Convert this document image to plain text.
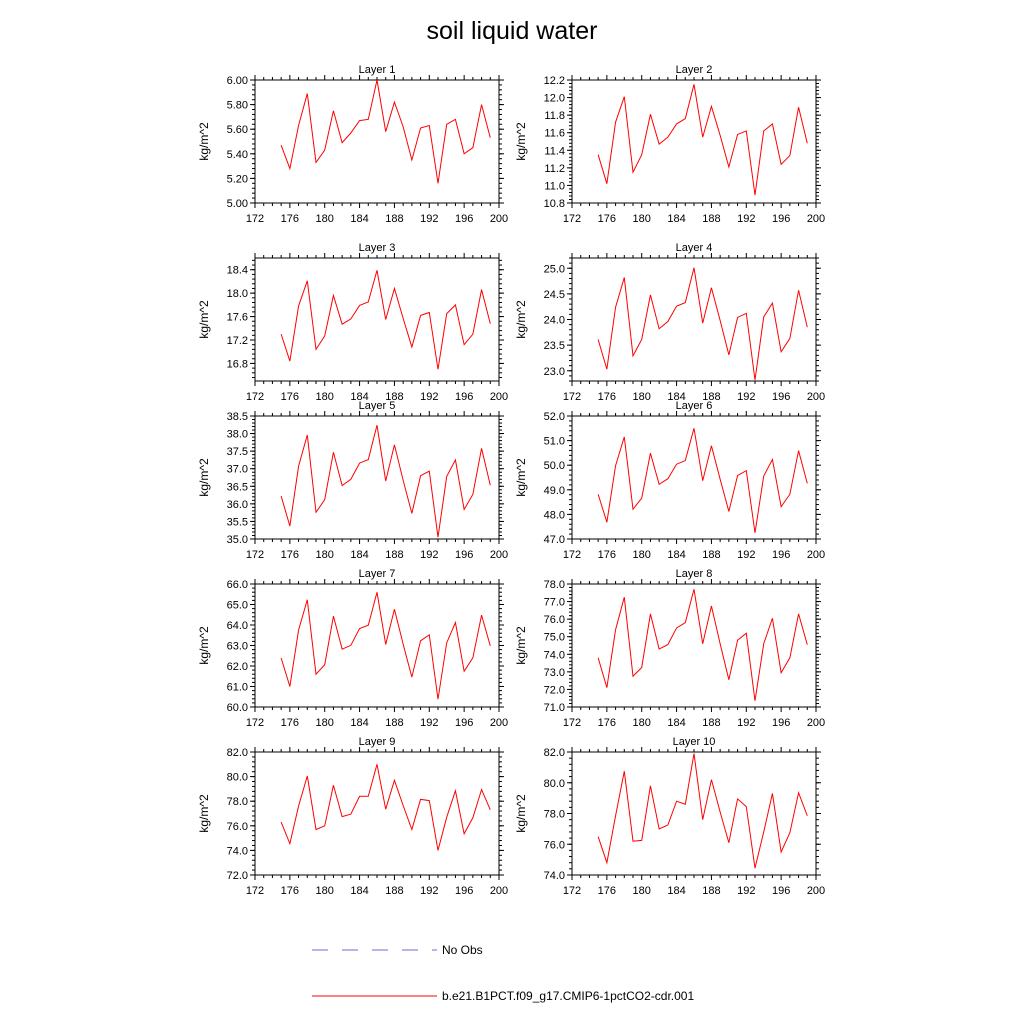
soil liquid water
Layer 1
5.00
5.20
5.40
5.60
5.80
6.00
172 176 180 184 188 192 196 200
kg/m^2
Layer 2
10.8
11.0
11.2
11.4
11.6
11.8
12.0
12.2
172 176 180 184 188 192 196 200
kg/m^2
Layer 3
16.8
17.2
17.6
18.0
18.4
172 176 180 184 188 192 196 200
kg/m^2
Layer 4
23.0
23.5
24.0
24.5
25.0
172 176 180 184 188 192 196 200
kg/m^2
Layer 5
35.0
35.5
36.0
36.5
37.0
37.5
38.0
38.5
172 176 180 184 188 192 196 200
kg/m^2
Layer 6
47.0
48.0
49.0
50.0
51.0
52.0
172 176 180 184 188 192 196 200
kg/m^2
Layer 7
60.0
61.0
62.0
63.0
64.0
65.0
66.0
172 176 180 184 188 192 196 200
kg/m^2
Layer 8
71.0
72.0
73.0
74.0
75.0
76.0
77.0
78.0
172 176 180 184 188 192 196 200
kg/m^2
Layer 9
72.0
74.0
76.0
78.0
80.0
82.0
172 176 180 184 188 192 196 200
kg/m^2
Layer 10
74.0
76.0
78.0
80.0
82.0
172 176 180 184 188 192 196 200
kg/m^2
No Obs
b.e21.B1PCT.f09_g17.CMIP6-1pctCO2-cdr.001
